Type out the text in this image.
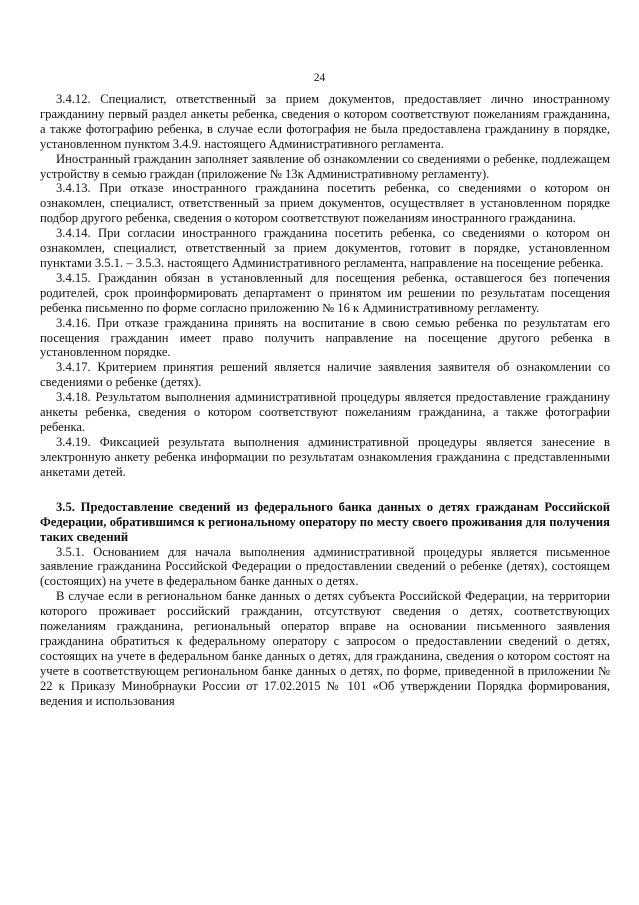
24

3.4.12. Специалист, ответственный за прием документов, предоставляет лично иностранному гражданину первый раздел анкеты ребенка, сведения о котором соответствуют пожеланиям гражданина, а также фотографию ребенка, в случае если фотография не была предоставлена гражданину в порядке, установленном пунктом 3.4.9. настоящего Административного регламента.

Иностранный гражданин заполняет заявление об ознакомлении со сведениями о ребенке, подлежащем устройству в семью граждан (приложение № 13к Административному регламенту).

3.4.13. При отказе иностранного гражданина посетить ребенка, со сведениями о котором он ознакомлен, специалист, ответственный за прием документов, осуществляет в установленном порядке подбор другого ребенка, сведения о котором соответствуют пожеланиям иностранного гражданина.

3.4.14. При согласии иностранного гражданина посетить ребенка, со сведениями о котором он ознакомлен, специалист, ответственный за прием документов, готовит в порядке, установленном пунктами 3.5.1. – 3.5.3. настоящего Административного регламента, направление на посещение ребенка.

3.4.15. Гражданин обязан в установленный для посещения ребенка, оставшегося без попечения родителей, срок проинформировать департамент о принятом им решении по результатам посещения ребенка письменно по форме согласно приложению № 16 к Административному регламенту.

3.4.16. При отказе гражданина принять на воспитание в свою семью ребенка по результатам его посещения гражданин имеет право получить направление на посещение другого ребенка в установленном порядке.

3.4.17. Критерием принятия решений является наличие заявления заявителя об ознакомлении со сведениями о ребенке (детях).

3.4.18. Результатом выполнения административной процедуры является предоставление гражданину анкеты ребенка, сведения о котором соответствуют пожеланиям гражданина, а также фотографии ребенка.

3.4.19. Фиксацией результата выполнения административной процедуры является занесение в электронную анкету ребенка информации по результатам ознакомления гражданина с представленными анкетами детей.

3.5. Предоставление сведений из федерального банка данных о детях гражданам Российской Федерации, обратившимся к региональному оператору по месту своего проживания для получения таких сведений

3.5.1. Основанием для начала выполнения административной процедуры является письменное заявление гражданина Российской Федерации о предоставлении сведений о ребенке (детях), состоящем (состоящих) на учете в федеральном банке данных о детях.

В случае если в региональном банке данных о детях субъекта Российской Федерации, на территории которого проживает российский гражданин, отсутствуют сведения о детях, соответствующих пожеланиям гражданина, региональный оператор вправе на основании письменного заявления гражданина обратиться к федеральному оператору с запросом о предоставлении сведений о детях, состоящих на учете в федеральном банке данных о детях, для гражданина, сведения о котором состоят на учете в соответствующем региональном банке данных о детях, по форме, приведенной в приложении № 22 к Приказу Минобрнауки России от 17.02.2015 № 101 «Об утверждении Порядка формирования, ведения и использования
